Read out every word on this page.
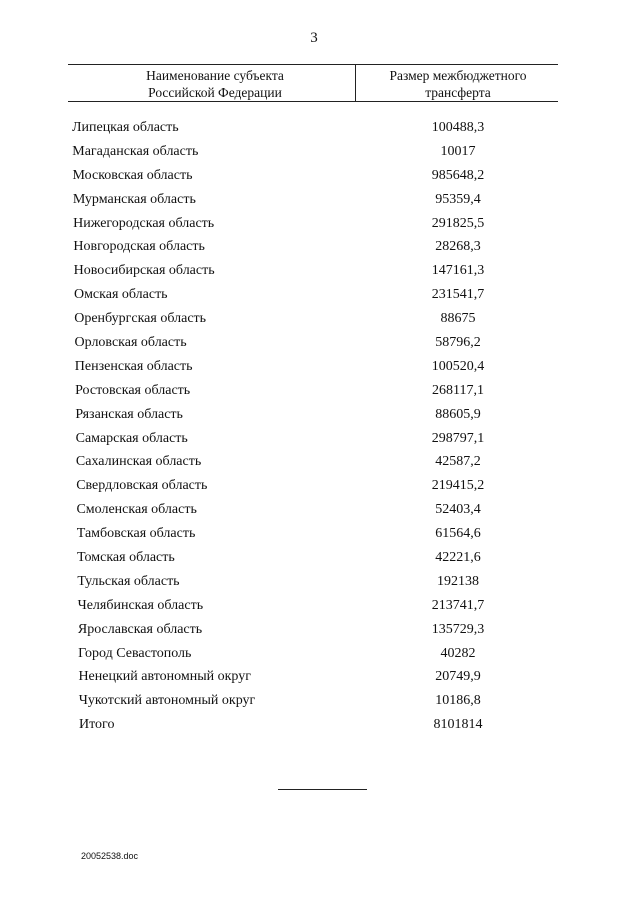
3
Наименование субъекта
Российской Федерации
Размер межбюджетного
трансферта
Липецкая область	100488,3
Магаданская область	10017
Московская область	985648,2
Мурманская область	95359,4
Нижегородская область	291825,5
Новгородская область	28268,3
Новосибирская область	147161,3
Омская область	231541,7
Оренбургская область	88675
Орловская область	58796,2
Пензенская область	100520,4
Ростовская область	268117,1
Рязанская область	88605,9
Самарская область	298797,1
Сахалинская область	42587,2
Свердловская область	219415,2
Смоленская область	52403,4
Тамбовская область	61564,6
Томская область	42221,6
Тульская область	192138
Челябинская область	213741,7
Ярославская область	135729,3
Город Севастополь	40282
Ненецкий автономный округ	20749,9
Чукотский автономный округ	10186,8
Итого	8101814
20052538.doc
